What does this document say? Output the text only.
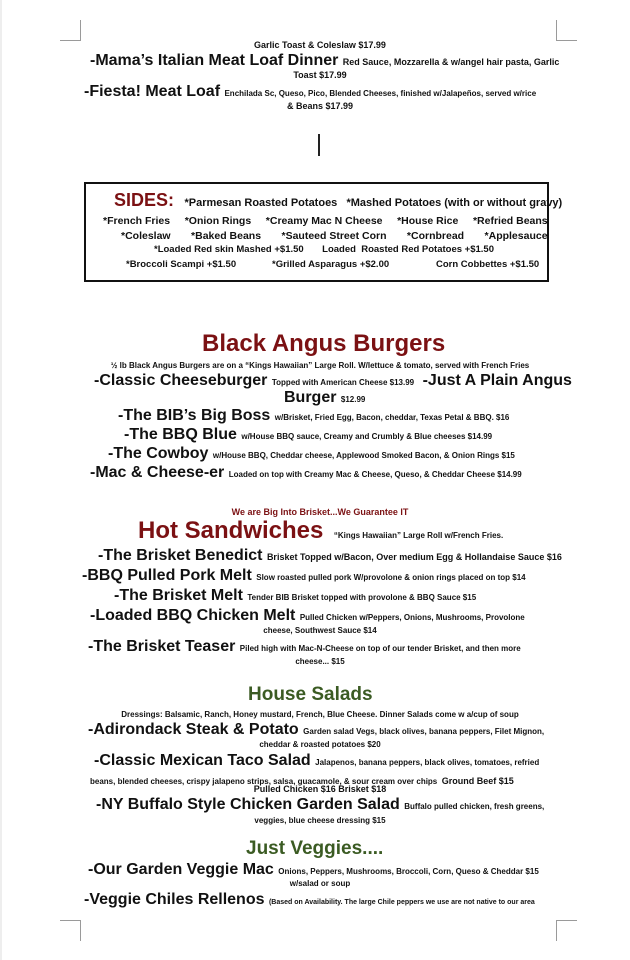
Garlic Toast & Coleslaw $17.99
-Mama’s Italian Meat Loaf Dinner Red Sauce, Mozzarella & w/angel hair pasta, Garlic
Toast $17.99
-Fiesta! Meat Loaf Enchilada Sc, Queso, Pico, Blended Cheeses, finished w/Jalapeños, served w/rice
& Beans $17.99
SIDES: *Parmesan Roasted Potatoes   *Mashed Potatoes (with or without gravy)
*French Fries     *Onion Rings     *Creamy Mac N Cheese     *House Rice     *Refried Beans
*Coleslaw       *Baked Beans       *Sauteed Street Corn       *Cornbread       *Applesauce
*Loaded Red skin Mashed +$1.50       Loaded  Roasted Red Potatoes +$1.50
*Broccoli Scampi +$1.50	*Grilled Asparagus +$2.00	Corn Cobbettes +$1.50
Black Angus Burgers
½ lb Black Angus Burgers are on a “Kings Hawaiian” Large Roll. W/lettuce & tomato, served with French Fries
-Classic Cheeseburger Topped with American Cheese $13.99 -Just A Plain Angus
Burger $12.99
-The BIB’s Big Boss w/Brisket, Fried Egg, Bacon, cheddar, Texas Petal & BBQ. $16
-The BBQ Blue w/House BBQ sauce, Creamy and Crumbly & Blue cheeses $14.99
-The Cowboy w/House BBQ, Cheddar cheese, Applewood Smoked Bacon, & Onion Rings $15
-Mac & Cheese-er Loaded on top with Creamy Mac & Cheese, Queso, & Cheddar Cheese $14.99
We are Big Into Brisket...We Guarantee IT
Hot Sandwiches “Kings Hawaiian” Large Roll w/French Fries.
-The Brisket Benedict Brisket Topped w/Bacon, Over medium Egg & Hollandaise Sauce $16
-BBQ Pulled Pork Melt Slow roasted pulled pork W/provolone & onion rings placed on top $14
-The Brisket Melt Tender BIB Brisket topped with provolone & BBQ Sauce $15
-Loaded BBQ Chicken Melt Pulled Chicken w/Peppers, Onions, Mushrooms, Provolone
cheese, Southwest Sauce $14
-The Brisket Teaser Piled high with Mac-N-Cheese on top of our tender Brisket, and then more
cheese... $15
House Salads
Dressings: Balsamic, Ranch, Honey mustard, French, Blue Cheese. Dinner Salads come w a/cup of soup
-Adirondack Steak & Potato Garden salad Vegs, black olives, banana peppers, Filet Mignon,
cheddar & roasted potatoes $20
-Classic Mexican Taco Salad Jalapenos, banana peppers, black olives, tomatoes, refried
beans, blended cheeses, crispy jalapeno strips, salsa, guacamole, & sour cream over chips Ground Beef $15
Pulled Chicken $16 Brisket $18
-NY Buffalo Style Chicken Garden Salad Buffalo pulled chicken, fresh greens,
veggies, blue cheese dressing $15
Just Veggies....
-Our Garden Veggie Mac Onions, Peppers, Mushrooms, Broccoli, Corn, Queso & Cheddar $15
w/salad or soup
-Veggie Chiles Rellenos (Based on Availability. The large Chile peppers we use are not native to our area
